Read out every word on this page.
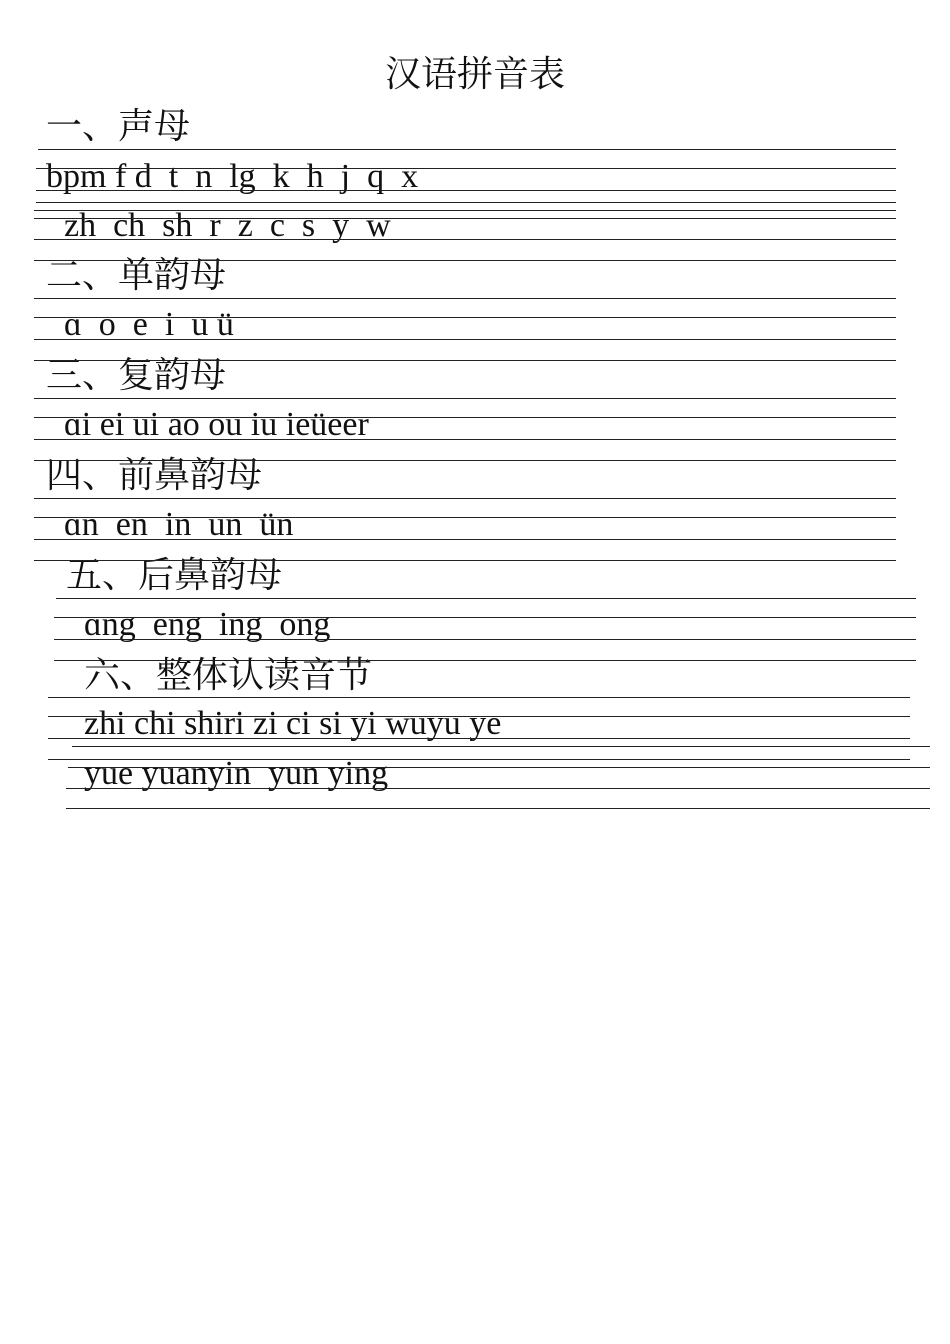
汉语拼音表
一、声母
bpm f d  t  n  lg  k  h  j  q  x
zh  ch  sh  r  z  c  s  y  w
二、单韵母
ɑ  o  e  i  u ü
三、复韵母
ɑi ei ui ao ou iu ieüeer
四、前鼻韵母
ɑn  en  in  un  ün
五、后鼻韵母
ɑng  eng  ing  ong
六、整体认读音节
zhi chi shiri zi ci si yi wuyu ye
yue yuanyin  yun ying
